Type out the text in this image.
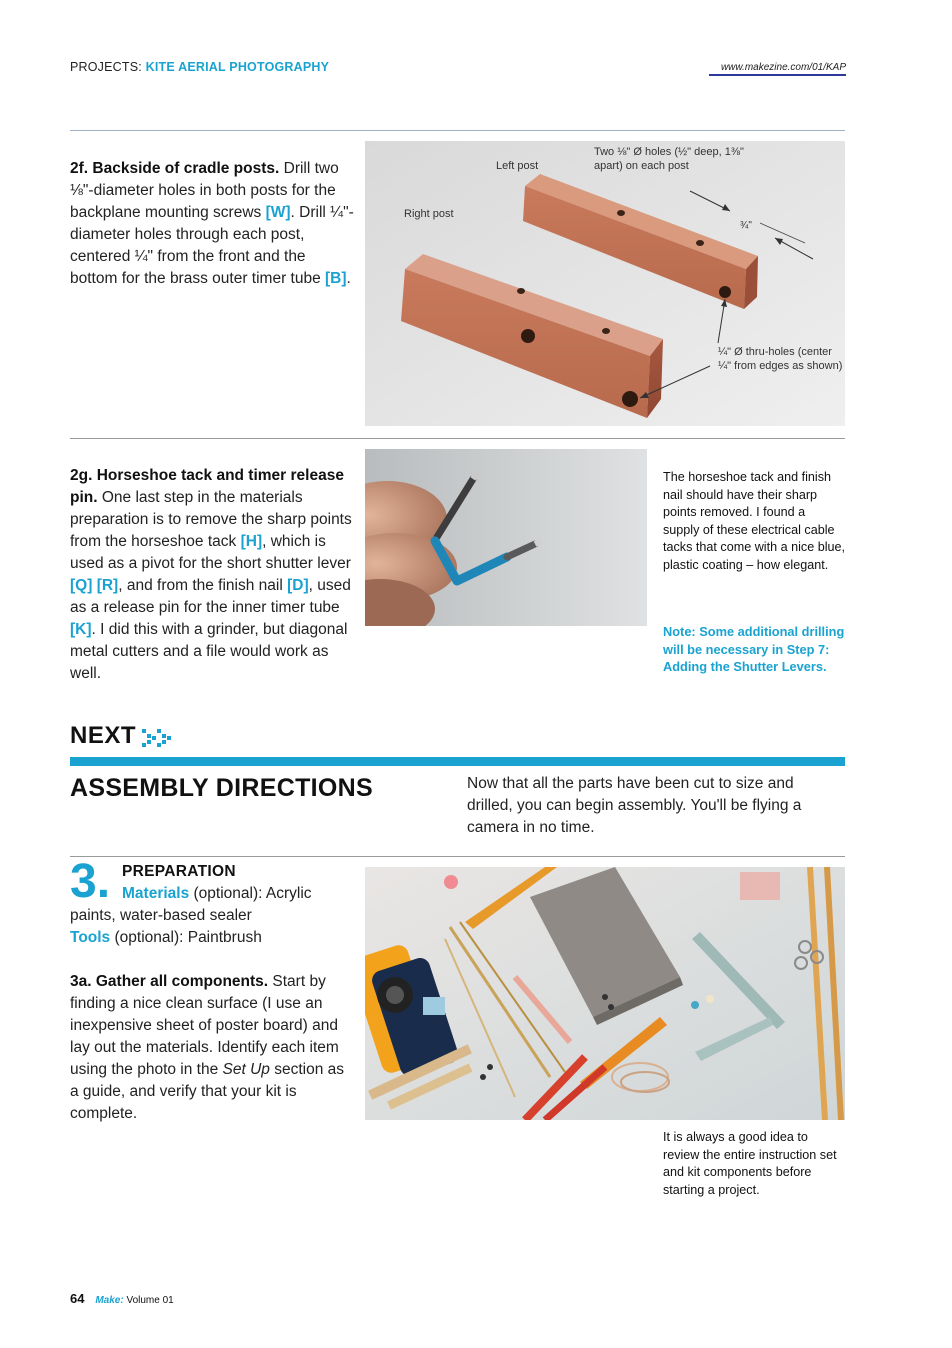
PROJECTS: KITE AERIAL PHOTOGRAPHY	www.makezine.com/01/KAP
2f. Backside of cradle posts. Drill two ⅛"-diameter holes in both posts for the backplane mounting screws [W]. Drill ¼"-diameter holes through each post, centered ¼" from the front and the bottom for the brass outer timer tube [B].
Left post
Right post
Two ⅛" Ø holes (½" deep, 1⅜" apart) on each post
¾"
¼" Ø thru-holes (center ¼" from edges as shown)
2g. Horseshoe tack and timer release pin. One last step in the materials preparation is to remove the sharp points from the horseshoe tack [H], which is used as a pivot for the short shutter lever [Q] [R], and from the finish nail [D], used as a release pin for the inner timer tube [K]. I did this with a grinder, but diagonal metal cutters and a file would work as well.
The horseshoe tack and finish nail should have their sharp points removed. I found a supply of these electrical cable tacks that come with a nice blue, plastic coating – how elegant.
Note: Some additional drilling will be necessary in Step 7: Adding the Shutter Levers.
NEXT
ASSEMBLY DIRECTIONS	Now that all the parts have been cut to size and drilled, you can begin assembly. You'll be flying a camera in no time.
3. PREPARATION
Materials (optional): Acrylic paints, water-based sealer
Tools (optional): Paintbrush
3a. Gather all components. Start by finding a nice clean surface (I use an inexpensive sheet of poster board) and lay out the materials. Identify each item using the photo in the Set Up section as a guide, and verify that your kit is complete.
It is always a good idea to review the entire instruction set and kit components before starting a project.
64 Make: Volume 01
